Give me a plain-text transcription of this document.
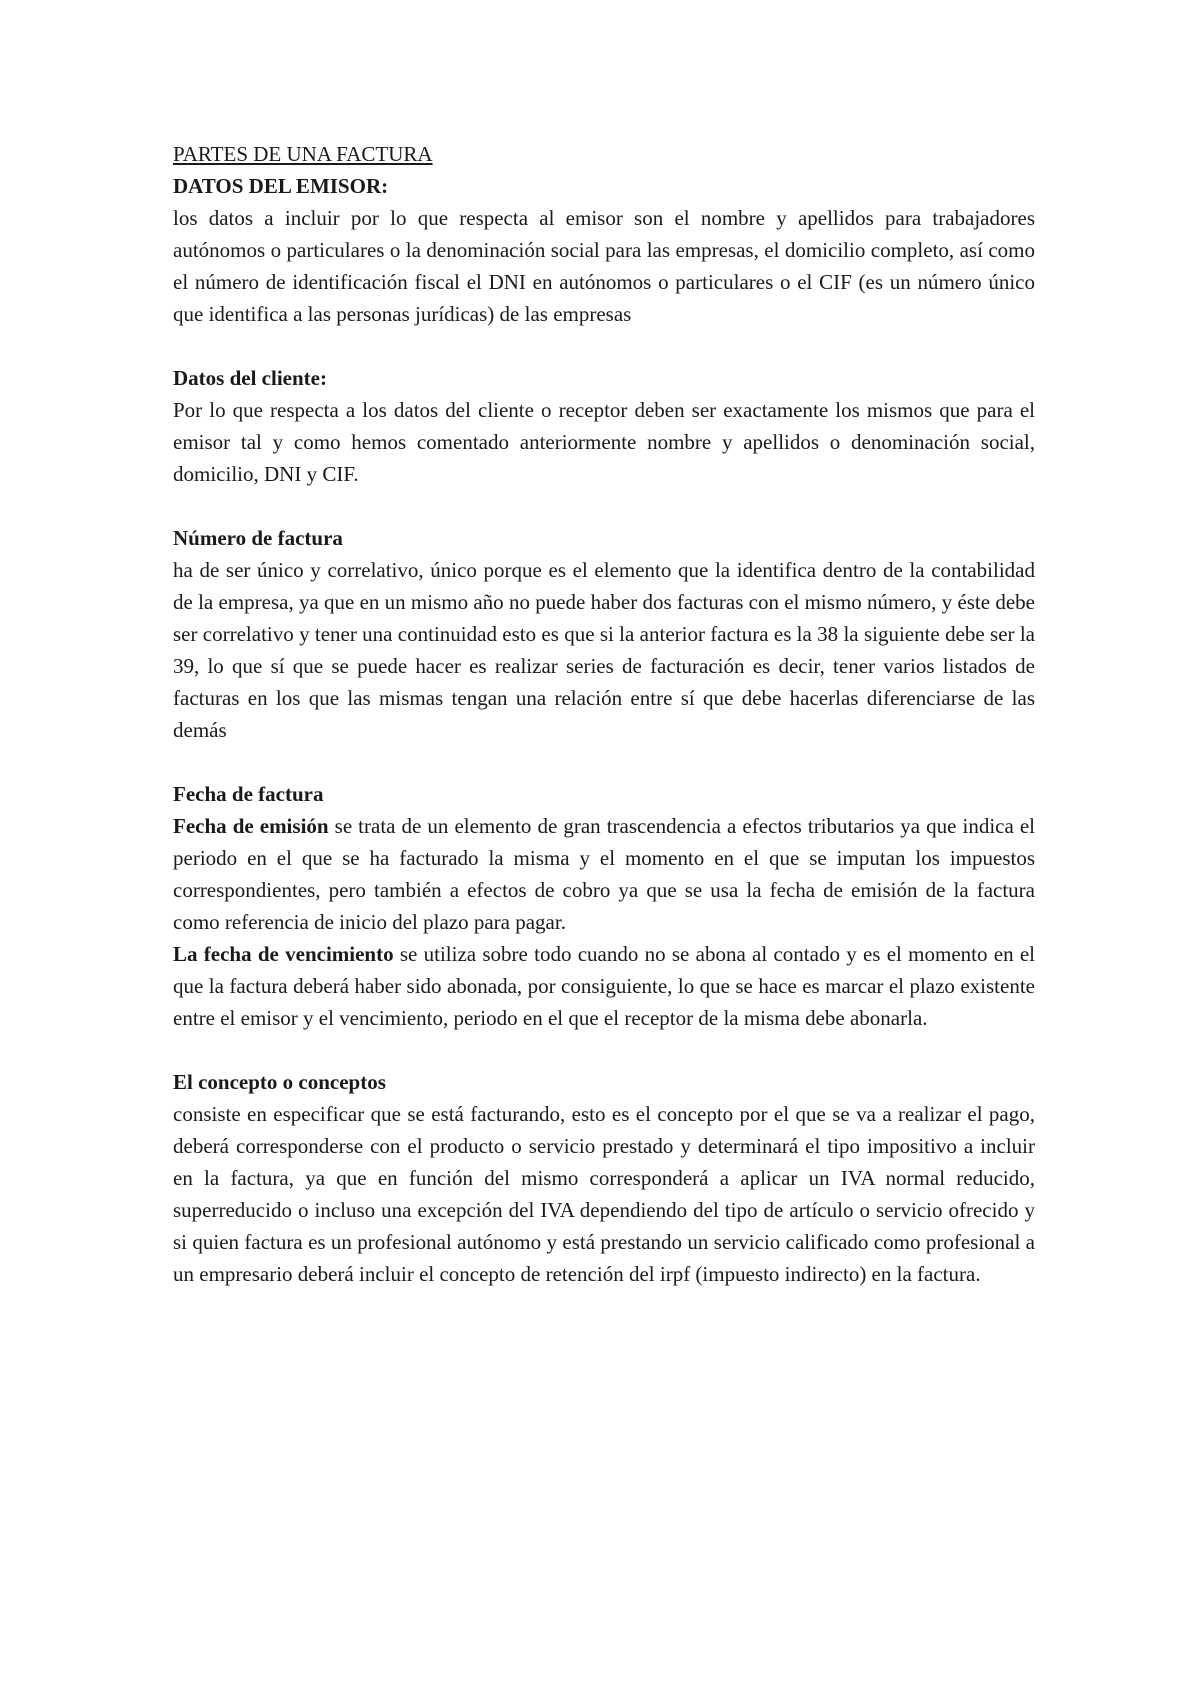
PARTES DE UNA FACTURA

DATOS DEL EMISOR:

los datos a incluir por lo que respecta al emisor son el nombre y apellidos para trabajadores autónomos o particulares o la denominación social para las empresas, el domicilio completo, así como el número de identificación fiscal el DNI en autónomos o particulares o el CIF (es un número único que identifica a las personas jurídicas) de las empresas

Datos del cliente:

Por lo que respecta a los datos del cliente o receptor deben ser exactamente los mismos que para el emisor tal y como hemos comentado anteriormente nombre y apellidos o denominación social, domicilio, DNI y CIF.

Número de factura

ha de ser único y correlativo, único porque es el elemento que la identifica dentro de la contabilidad de la empresa, ya que en un mismo año no puede haber dos facturas con el mismo número, y éste debe ser correlativo y tener una continuidad esto es que si la anterior factura es la 38 la siguiente debe ser la 39, lo que sí que se puede hacer es realizar series de facturación es decir, tener varios listados de facturas en los que las mismas tengan una relación entre sí que debe hacerlas diferenciarse de las demás

Fecha de factura

Fecha de emisión se trata de un elemento de gran trascendencia a efectos tributarios ya que indica el periodo en el que se ha facturado la misma y el momento en el que se imputan los impuestos correspondientes, pero también a efectos de cobro ya que se usa la fecha de emisión de la factura como referencia de inicio del plazo para pagar.

La fecha de vencimiento se utiliza sobre todo cuando no se abona al contado y es el momento en el que la factura deberá haber sido abonada, por consiguiente, lo que se hace es marcar el plazo existente entre el emisor y el vencimiento, periodo en el que el receptor de la misma debe abonarla.

El concepto o conceptos

consiste en especificar que se está facturando, esto es el concepto por el que se va a realizar el pago, deberá corresponderse con el producto o servicio prestado y determinará el tipo impositivo a incluir en la factura, ya que en función del mismo corresponderá a aplicar un IVA normal reducido, superreducido o incluso una excepción del IVA dependiendo del tipo de artículo o servicio ofrecido y si quien factura es un profesional autónomo y está prestando un servicio calificado como profesional a un empresario deberá incluir el concepto de retención del irpf (impuesto indirecto) en la factura.
